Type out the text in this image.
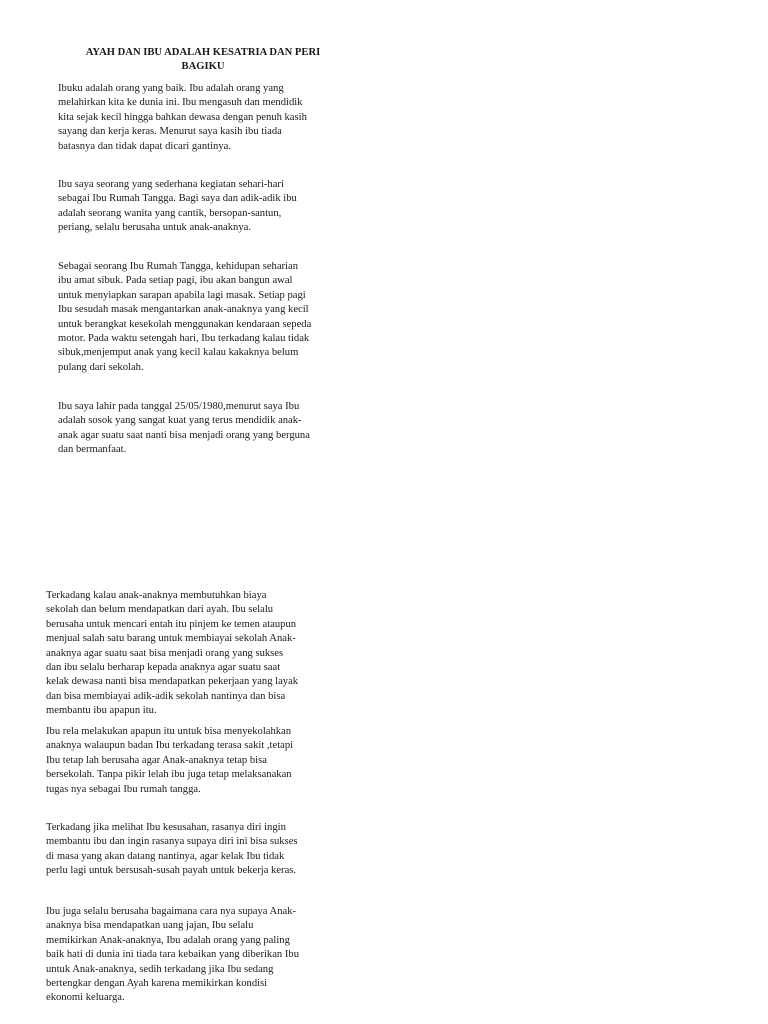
AYAH DAN IBU ADALAH KESATRIA DAN PERI
BAGIKU

Ibuku adalah orang yang baik. Ibu adalah orang yang
melahirkan kita ke dunia ini. Ibu mengasuh dan mendidik
kita sejak kecil hingga bahkan dewasa dengan penuh kasih
sayang dan kerja keras. Menurut saya kasih ibu tiada
batasnya dan tidak dapat dicari gantinya.

Ibu saya seorang yang sederhana kegiatan sehari-hari
sebagai Ibu Rumah Tangga. Bagi saya dan adik-adik ibu
adalah seorang wanita yang cantik, bersopan-santun,
periang, selalu berusaha untuk anak-anaknya.

Sebagai seorang Ibu Rumah Tangga, kehidupan seharian
ibu amat sibuk. Pada setiap pagi, ibu akan bangun awal
untuk menyiapkan sarapan apabila lagi masak. Setiap pagi
Ibu sesudah masak mengantarkan anak-anaknya yang kecil
untuk berangkat kesekolah menggunakan kendaraan sepeda
motor. Pada waktu setengah hari, Ibu terkadang kalau tidak
sibuk,menjemput anak yang kecil kalau kakaknya belum
pulang dari sekolah.

Ibu saya lahir pada tanggal 25/05/1980,menurut saya Ibu
adalah sosok yang sangat kuat yang terus mendidik anak-
anak agar suatu saat nanti bisa menjadi orang yang berguna
dan bermanfaat.

Terkadang kalau anak-anaknya membutuhkan biaya
sekolah dan belum mendapatkan dari ayah. Ibu selalu
berusaha untuk mencari entah itu pinjem ke temen ataupun
menjual salah satu barang untuk membiayai sekolah Anak-
anaknya agar suatu saat bisa menjadi orang yang sukses
dan ibu selalu berharap kepada anaknya agar suatu saat
kelak dewasa nanti bisa mendapatkan pekerjaan yang layak
dan bisa membiayai adik-adik sekolah nantinya dan bisa
membantu ibu apapun itu.

Ibu rela melakukan apapun itu untuk bisa menyekolahkan
anaknya walaupun badan Ibu terkadang terasa sakit ,tetapi
Ibu tetap lah berusaha agar Anak-anaknya tetap bisa
bersekolah. Tanpa pikir lelah ibu juga tetap melaksanakan
tugas nya sebagai Ibu rumah tangga.

Terkadang jika melihat Ibu kesusahan, rasanya diri ingin
membantu ibu dan ingin rasanya supaya diri ini bisa sukses
di masa yang akan datang nantinya, agar kelak Ibu tidak
perlu lagi untuk bersusah-susah payah untuk bekerja keras.

Ibu juga selalu berusaha bagaimana cara nya supaya Anak-
anaknya bisa mendapatkan uang jajan, Ibu selalu
memikirkan Anak-anaknya, Ibu adalah orang yang paling
baik hati di dunia ini tiada tara kebaikan yang diberikan Ibu
untuk Anak-anaknya, sedih terkadang jika Ibu sedang
bertengkar dengan Ayah karena memikirkan kondisi
ekonomi keluarga.
